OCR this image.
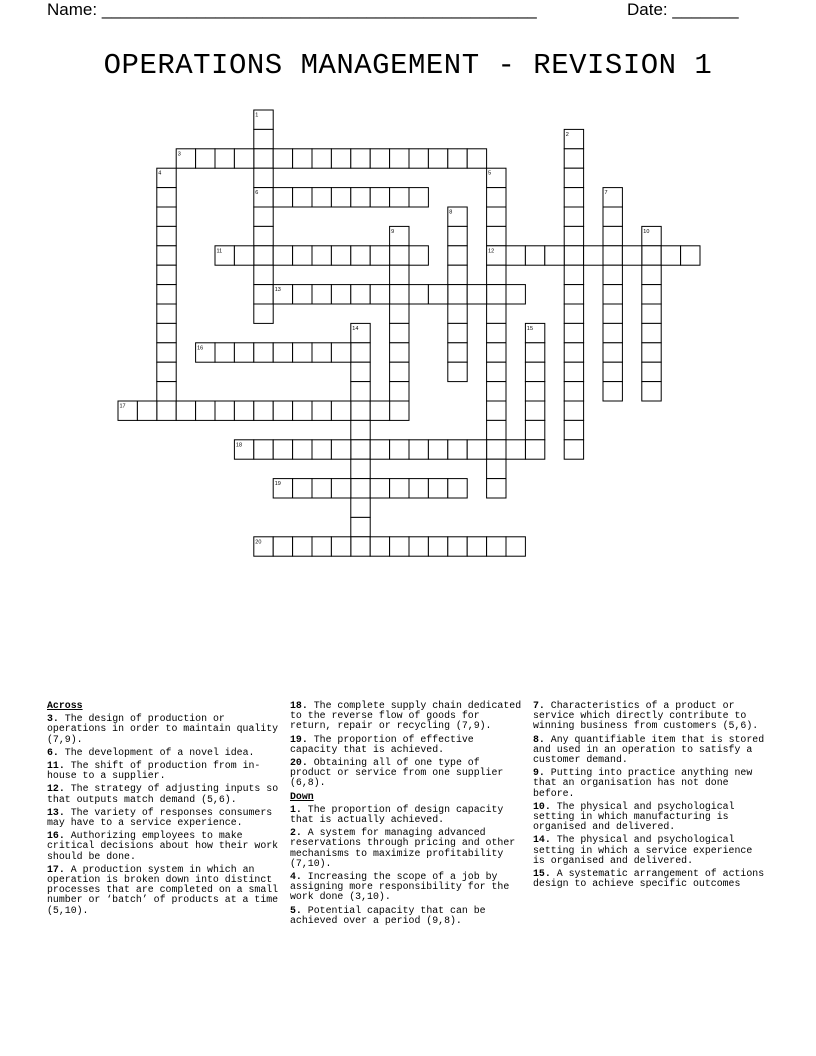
Name: ______________________________________________	Date: _______
OPERATIONS MANAGEMENT - REVISION 1
1
2
3
4	5
6	7
8
9	10
11	12
13
14	15
16
17
18
19
20
Across
3. The design of production or operations in order to maintain quality (7,9).
6. The development of a novel idea.
11. The shift of production from in-house to a supplier.
12. The strategy of adjusting inputs so that outputs match demand (5,6).
13. The variety of responses consumers may have to a service experience.
16. Authorizing employees to make critical decisions about how their work should be done.
17. A production system in which an operation is broken down into distinct processes that are completed on a small number or ‘batch’ of products at a time (5,10).
18. The complete supply chain dedicated to the reverse flow of goods for return, repair or recycling (7,9).
19. The proportion of effective capacity that is achieved.
20. Obtaining all of one type of product or service from one supplier (6,8).
Down
1. The proportion of design capacity that is actually achieved.
2. A system for managing advanced reservations through pricing and other mechanisms to maximize profitability (7,10).
4. Increasing the scope of a job by assigning more responsibility for the work done (3,10).
5. Potential capacity that can be achieved over a period (9,8).
7. Characteristics of a product or service which directly contribute to winning business from customers (5,6).
8. Any quantifiable item that is stored and used in an operation to satisfy a customer demand.
9. Putting into practice anything new that an organisation has not done before.
10. The physical and psychological setting in which manufacturing is organised and delivered.
14. The physical and psychological setting in which a service experience is organised and delivered.
15. A systematic arrangement of actions design to achieve specific outcomes
